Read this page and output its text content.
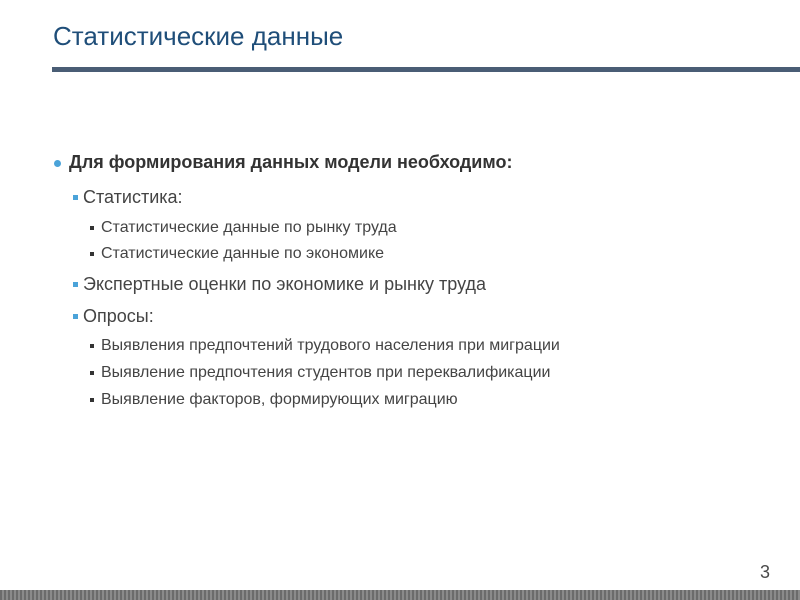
Статистические данные
Для формирования данных модели необходимо:
Статистика:
Статистические данные по рынку труда
Статистические данные по экономике
Экспертные оценки по экономике и рынку труда
Опросы:
Выявления предпочтений трудового населения при миграции
Выявление предпочтения студентов при переквалификации
Выявление факторов, формирующих миграцию
3
